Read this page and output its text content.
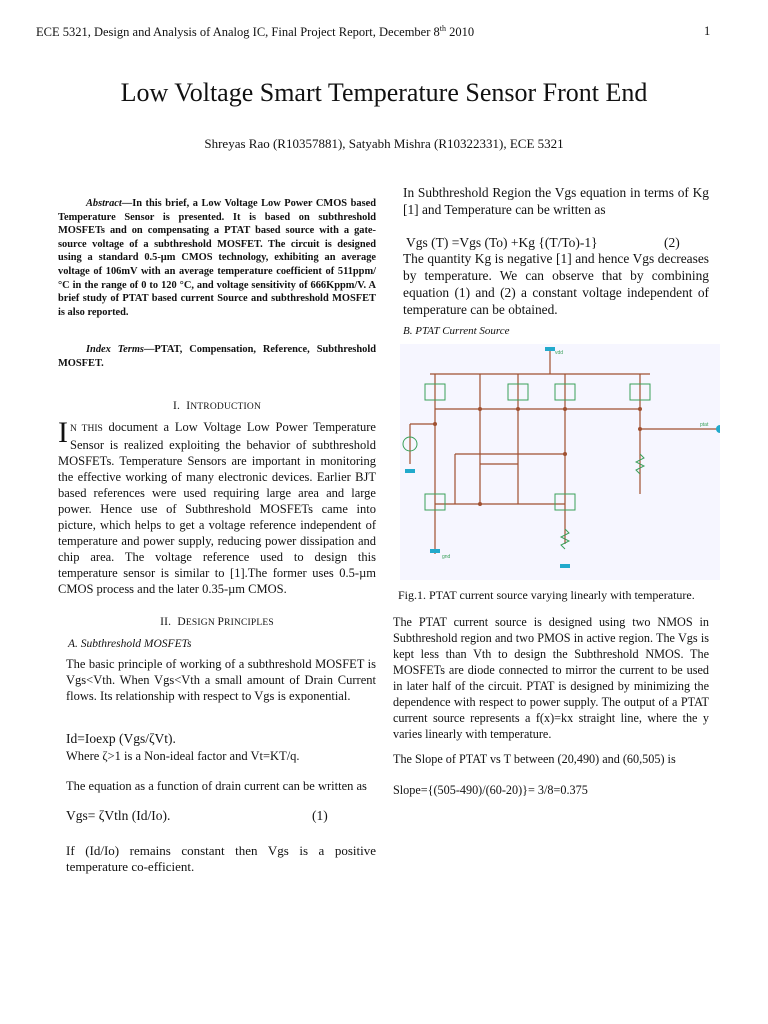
ECE 5321, Design and Analysis of Analog IC, Final Project Report, December 8th 2010	1
Low Voltage Smart Temperature Sensor Front End
Shreyas Rao (R10357881), Satyabh Mishra (R10322331), ECE 5321
Abstract—In this brief, a Low Voltage Low Power CMOS based Temperature Sensor is presented. It is based on subthreshold MOSFETs and on compensating a PTAT based source with a gate-source voltage of a subthreshold MOSFET. The circuit is designed using a standard 0.5-µm CMOS technology, exhibiting an average voltage of 106mV with an average temperature coefficient of 511ppm/°C in the range of 0 to 120 °C, and voltage sensitivity of 666Kppm/V. A brief study of PTAT based current Source and subthreshold MOSFET is also reported.
Index Terms—PTAT, Compensation, Reference, Subthreshold MOSFET.
I. INTRODUCTION
I N THIS document a Low Voltage Low Power Temperature Sensor is realized exploiting the behavior of subthreshold MOSFETs. Temperature Sensors are important in monitoring the effective working of many electronic devices. Earlier BJT based references were used requiring large area and large power. Hence use of Subthreshold MOSFETs came into picture, which helps to get a voltage reference independent of temperature and power supply, reducing power dissipation and chip area. The voltage reference used to design this temperature sensor is similar to [1].The former uses 0.5-µm CMOS process and the later 0.35-µm CMOS.
II. DESIGN PRINCIPLES
A. Subthreshold MOSFETs
The basic principle of working of a subthreshold MOSFET is Vgs<Vth. When Vgs<Vth a small amount of Drain Current flows. Its relationship with respect to Vgs is exponential.
Id=Ioexp (Vgs/ζVt).
Where ζ>1 is a Non-ideal factor and Vt=KT/q.
The equation as a function of drain current can be written as
Vgs= ζVtln (Id/Io).	(1)
If (Id/Io) remains constant then Vgs is a positive temperature co-efficient.
In Subthreshold Region the Vgs equation in terms of Kg [1] and Temperature can be written as
Vgs (T) =Vgs (To) +Kg {(T/To)-1}	(2)
The quantity Kg is negative [1] and hence Vgs decreases by temperature. We can observe that by combining equation (1) and (2) a constant voltage independent of temperature can be obtained.
B. PTAT Current Source
vdd
gnd
ptat
Fig.1. PTAT current source varying linearly with temperature.
The PTAT current source is designed using two NMOS in Subthreshold region and two PMOS in active region. The Vgs is kept less than Vth to design the Subthreshold NMOS. The MOSFETs are diode connected to mirror the current to be used in later half of the circuit. PTAT is designed by minimizing the dependence with respect to power supply. The output of a PTAT current source represents a f(x)=kx straight line, where the y varies linearly with temperature.
The Slope of PTAT vs T between (20,490) and (60,505) is
Slope={(505-490)/(60-20)}= 3/8=0.375
